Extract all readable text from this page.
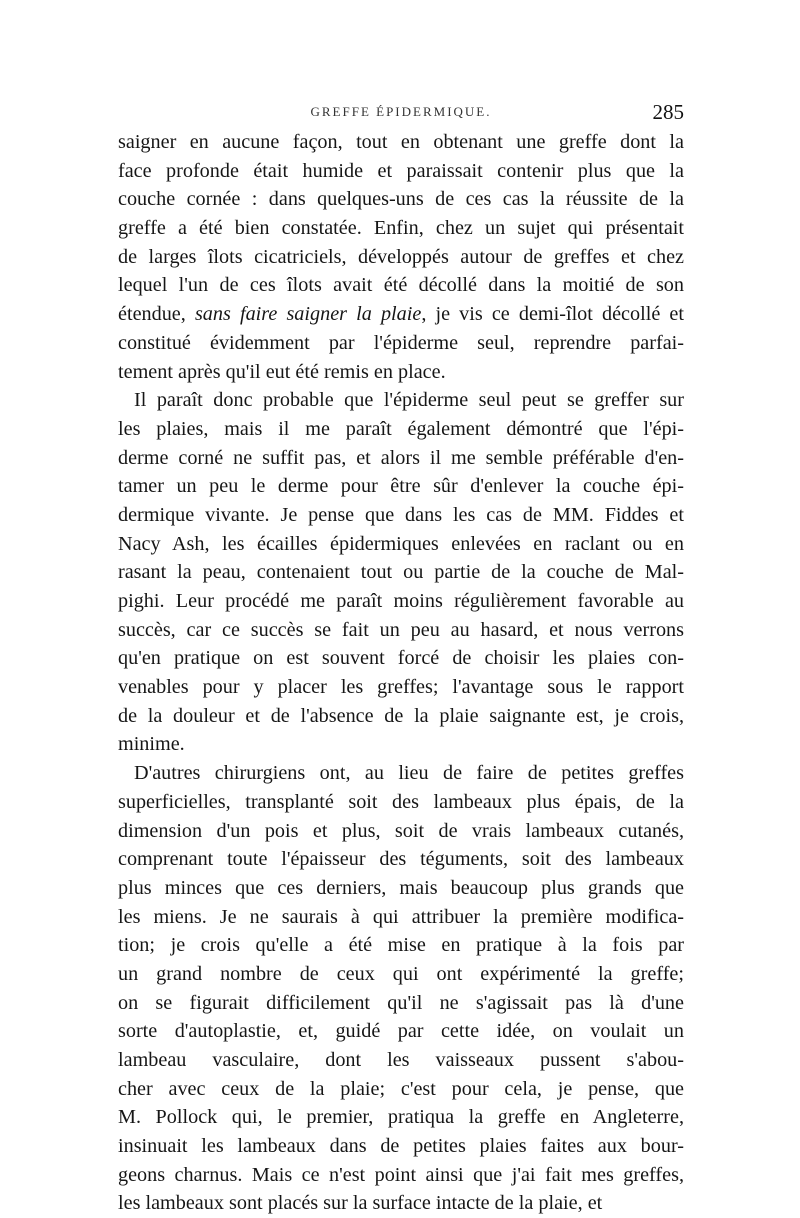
GREFFE ÉPIDERMIQUE.	285
saigner en aucune façon, tout en obtenant une greffe dont la
face profonde était humide et paraissait contenir plus que la
couche cornée : dans quelques-uns de ces cas la réussite de la
greffe a été bien constatée. Enfin, chez un sujet qui présentait
de larges îlots cicatriciels, développés autour de greffes et chez
lequel l'un de ces îlots avait été décollé dans la moitié de son
étendue, sans faire saigner la plaie, je vis ce demi-îlot décollé et
constitué évidemment par l'épiderme seul, reprendre parfai-
tement après qu'il eut été remis en place.
Il paraît donc probable que l'épiderme seul peut se greffer sur
les plaies, mais il me paraît également démontré que l'épi-
derme corné ne suffit pas, et alors il me semble préférable d'en-
tamer un peu le derme pour être sûr d'enlever la couche épi-
dermique vivante. Je pense que dans les cas de MM. Fiddes et
Nacy Ash, les écailles épidermiques enlevées en raclant ou en
rasant la peau, contenaient tout ou partie de la couche de Mal-
pighi. Leur procédé me paraît moins régulièrement favorable au
succès, car ce succès se fait un peu au hasard, et nous verrons
qu'en pratique on est souvent forcé de choisir les plaies con-
venables pour y placer les greffes; l'avantage sous le rapport
de la douleur et de l'absence de la plaie saignante est, je crois,
minime.
D'autres chirurgiens ont, au lieu de faire de petites greffes
superficielles, transplanté soit des lambeaux plus épais, de la
dimension d'un pois et plus, soit de vrais lambeaux cutanés,
comprenant toute l'épaisseur des téguments, soit des lambeaux
plus minces que ces derniers, mais beaucoup plus grands que
les miens. Je ne saurais à qui attribuer la première modifica-
tion; je crois qu'elle a été mise en pratique à la fois par
un grand nombre de ceux qui ont expérimenté la greffe;
on se figurait difficilement qu'il ne s'agissait pas là d'une
sorte d'autoplastie, et, guidé par cette idée, on voulait un
lambeau vasculaire, dont les vaisseaux pussent s'abou-
cher avec ceux de la plaie; c'est pour cela, je pense, que
M. Pollock qui, le premier, pratiqua la greffe en Angleterre,
insinuait les lambeaux dans de petites plaies faites aux bour-
geons charnus. Mais ce n'est point ainsi que j'ai fait mes greffes,
les lambeaux sont placés sur la surface intacte de la plaie, et
